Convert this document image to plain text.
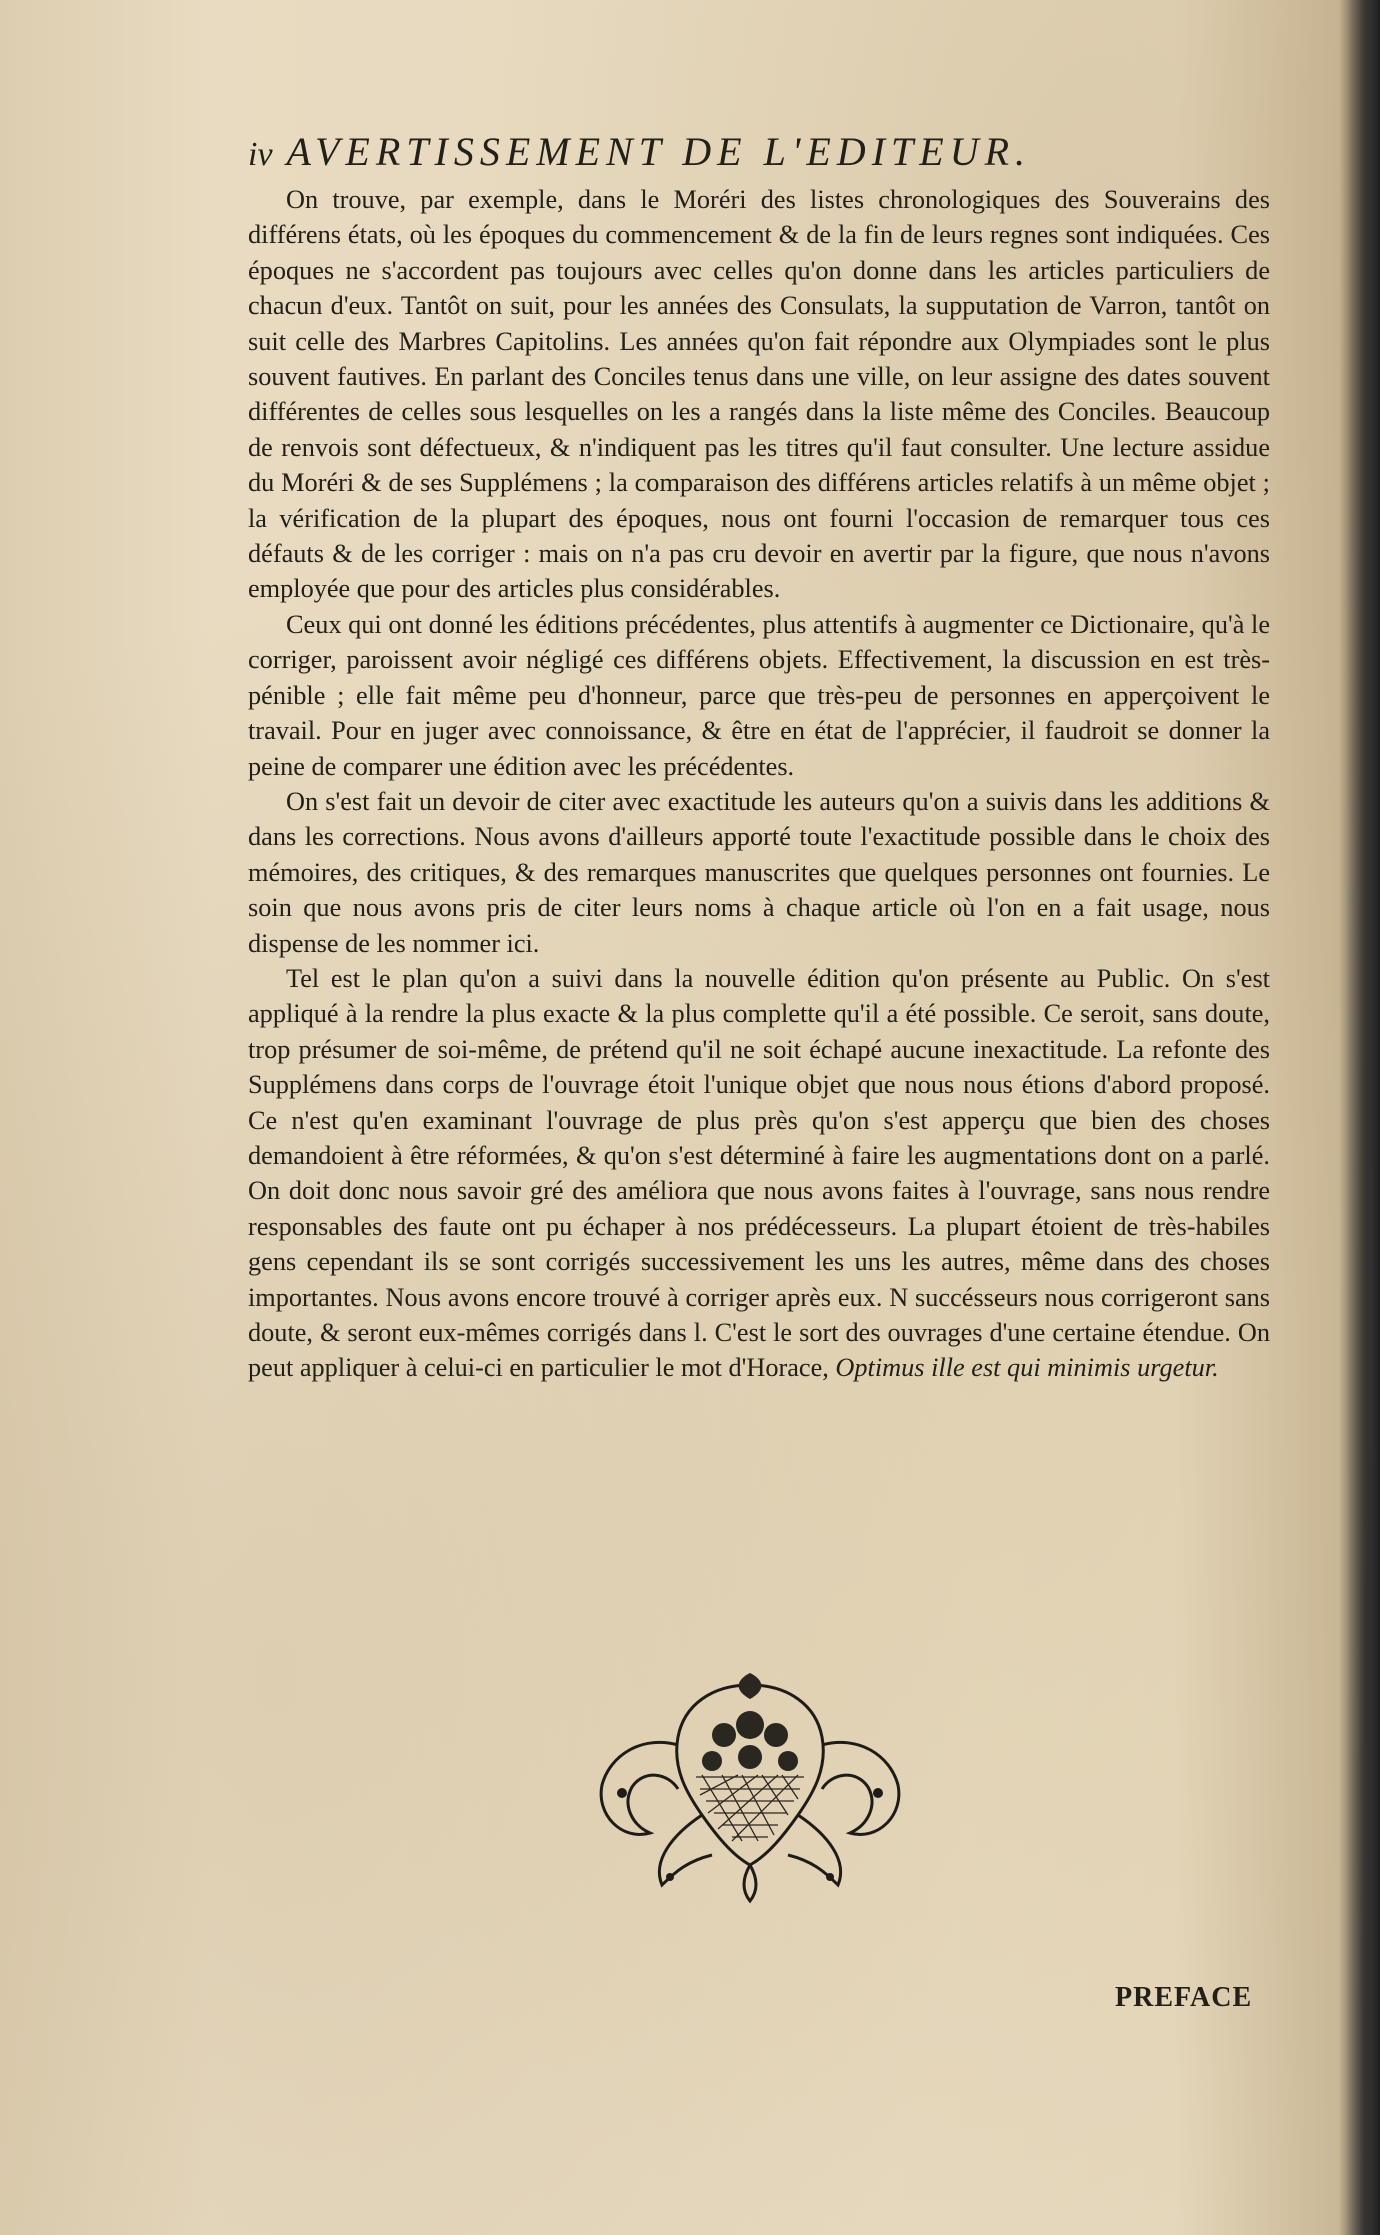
iv AVERTISSEMENT DE L'EDITEUR.

On trouve, par exemple, dans le Moréri des listes chronologiques des Souverains des différens états, où les époques du commencement & de la fin de leurs regnes sont indiquées. Ces époques ne s'accordent pas toujours avec celles qu'on donne dans les articles particuliers de chacun d'eux. Tantôt on suit, pour les années des Consulats, la supputation de Varron, tantôt on suit celle des Marbres Capitolins. Les années qu'on fait répondre aux Olympiades sont le plus souvent fautives. En parlant des Conciles tenus dans une ville, on leur assigne des dates souvent différentes de celles sous lesquelles on les a rangés dans la liste même des Conciles. Beaucoup de renvois sont défectueux, & n'indiquent pas les titres qu'il faut consulter. Une lecture assidue du Moréri & de ses Supplémens ; la comparaison des différens articles relatifs à un même objet ; la vérification de la plupart des époques, nous ont fourni l'occasion de remarquer tous ces défauts & de les corriger : mais on n'a pas cru devoir en avertir par la figure, que nous n'avons employée que pour des articles plus considérables.

Ceux qui ont donné les éditions précédentes, plus attentifs à augmenter ce Dictionaire, qu'à le corriger, paroissent avoir négligé ces différens objets. Effectivement, la discussion en est très-pénible ; elle fait même peu d'honneur, parce que très-peu de personnes en apperçoivent le travail. Pour en juger avec connoissance, & être en état de l'apprécier, il faudroit se donner la peine de comparer une édition avec les précédentes.

On s'est fait un devoir de citer avec exactitude les auteurs qu'on a suivis dans les additions & dans les corrections. Nous avons d'ailleurs apporté toute l'exactitude possible dans le choix des mémoires, des critiques, & des remarques manuscrites que quelques personnes ont fournies. Le soin que nous avons pris de citer leurs noms à chaque article où l'on en a fait usage, nous dispense de les nommer ici.

Tel est le plan qu'on a suivi dans la nouvelle édition qu'on présente au Public. On s'est appliqué à la rendre la plus exacte & la plus complette qu'il a été possible. Ce seroit, sans doute, trop présumer de soi-même, de prétend qu'il ne soit échapé aucune inexactitude. La refonte des Supplémens dans corps de l'ouvrage étoit l'unique objet que nous nous étions d'abord proposé. Ce n'est qu'en examinant l'ouvrage de plus près qu'on s'est apperçu que bien des choses demandoient à être réformées, & qu'on s'est déterminé à faire les augmentations dont on a parlé. On doit donc nous savoir gré des améliora que nous avons faites à l'ouvrage, sans nous rendre responsables des faute ont pu échaper à nos prédécesseurs. La plupart étoient de très-habiles gens cependant ils se sont corrigés successivement les uns les autres, même dans des choses importantes. Nous avons encore trouvé à corriger après eux. N succésseurs nous corrigeront sans doute, & seront eux-mêmes corrigés dans l. C'est le sort des ouvrages d'une certaine étendue. On peut appliquer à celui-ci en particulier le mot d'Horace, Optimus ille est qui minimis urgetur.

PREFACE
